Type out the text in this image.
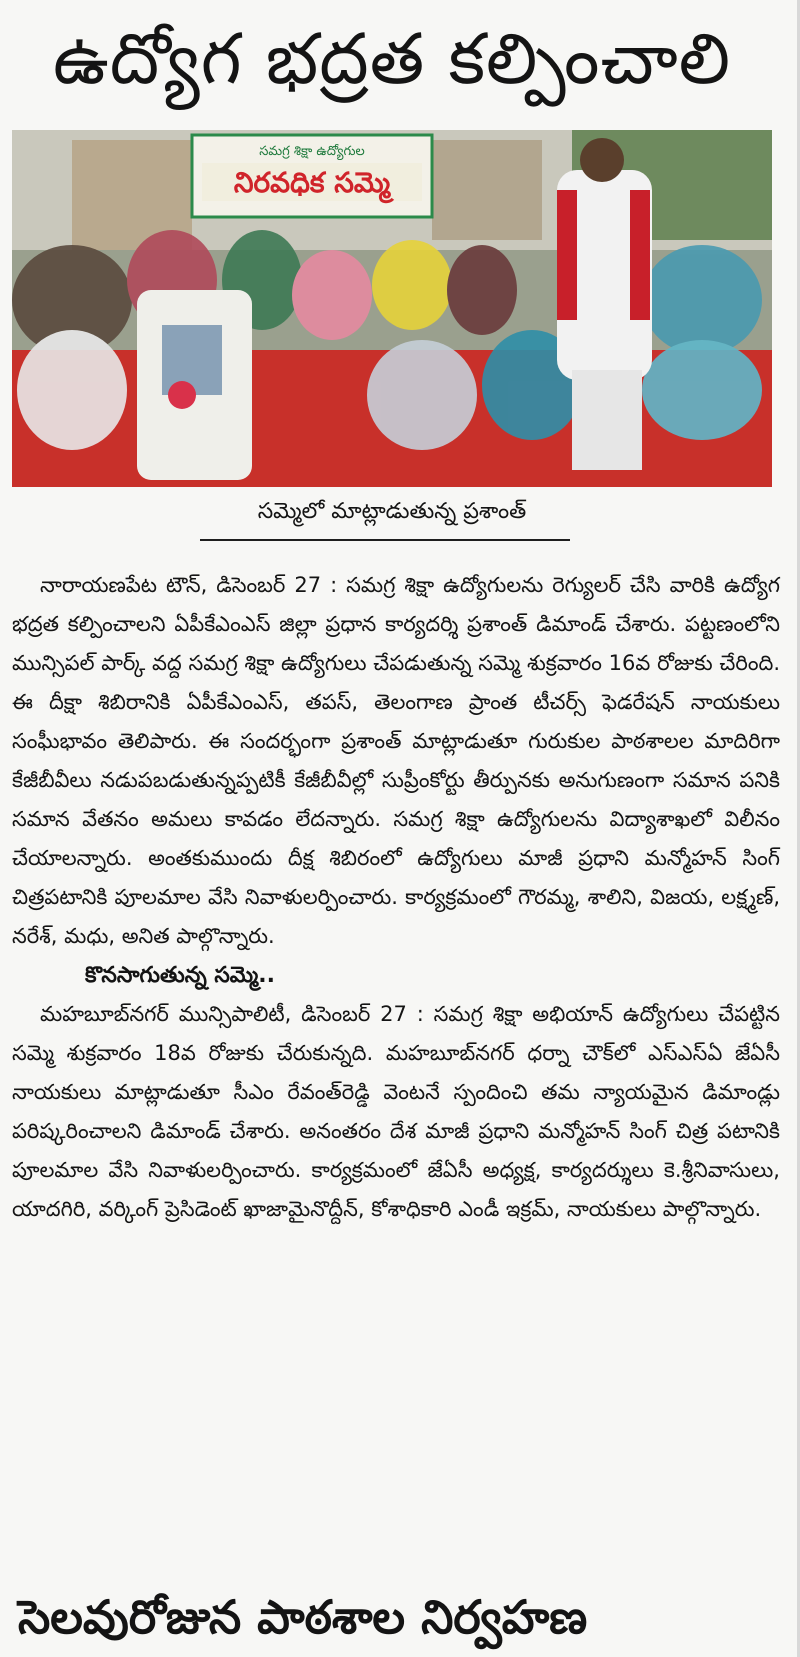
ఉద్యోగ భద్రత కల్పించాలి
సమగ్ర శిక్షా ఉద్యోగుల
నిరవధిక సమ్మె
సమ్మెలో మాట్లాడుతున్న ప్రశాంత్

నారాయణపేట టౌన్, డిసెంబర్ 27 : సమగ్ర శిక్షా ఉద్యోగులను రెగ్యులర్ చేసి వారికి ఉద్యోగ భద్రత కల్పించాలని ఏపీకేఎంఎస్ జిల్లా ప్రధాన కార్యదర్శి ప్రశాంత్ డిమాండ్ చేశారు. పట్టణంలోని మున్సిపల్ పార్క్ వద్ద సమగ్ర శిక్షా ఉద్యోగులు చేపడుతున్న సమ్మె శుక్రవారం 16వ రోజుకు చేరింది. ఈ దీక్షా శిబిరానికి ఏపీకేఎంఎస్, తపస్, తెలంగాణ ప్రాంత టీచర్స్ ఫెడరేషన్ నాయకులు సంఘీభావం తెలిపారు. ఈ సందర్భంగా ప్రశాంత్ మాట్లాడుతూ గురుకుల పాఠశాలల మాదిరిగా కేజీబీవీలు నడుపబడుతున్నప్పటికీ కేజీబీవీల్లో సుప్రీంకోర్టు తీర్పునకు అనుగుణంగా సమాన పనికి సమాన వేతనం అమలు కావడం లేదన్నారు. సమగ్ర శిక్షా ఉద్యోగులను విద్యాశాఖలో విలీనం చేయాలన్నారు. అంతకుముందు దీక్ష శిబిరంలో ఉద్యోగులు మాజీ ప్రధాని మన్మోహన్ సింగ్ చిత్రపటానికి పూలమాల వేసి నివాళులర్పించారు. కార్యక్రమంలో గౌరమ్మ, శాలిని, విజయ, లక్ష్మణ్, నరేశ్, మధు, అనిత పాల్గొన్నారు.

కొనసాగుతున్న సమ్మె..

మహబూబ్‌నగర్ మున్సిపాలిటీ, డిసెంబర్ 27 : సమగ్ర శిక్షా అభియాన్ ఉద్యోగులు చేపట్టిన సమ్మె శుక్రవారం 18వ రోజుకు చేరుకున్నది. మహబూబ్‌నగర్ ధర్నా చౌక్‌లో ఎస్ఎస్ఏ జేఏసీ నాయకులు మాట్లాడుతూ సీఎం రేవంత్‌రెడ్డి వెంటనే స్పందించి తమ న్యాయమైన డిమాండ్లు పరిష్కరించాలని డిమాండ్ చేశారు. అనంతరం దేశ మాజీ ప్రధాని మన్మోహన్ సింగ్ చిత్ర పటానికి పూలమాల వేసి నివాళులర్పించారు. కార్యక్రమంలో జేఏసీ అధ్యక్ష, కార్యదర్శులు కె.శ్రీనివాసులు, యాదగిరి, వర్కింగ్ ప్రెసిడెంట్ ఖాజామైనొద్దీన్, కోశాధికారి ఎండీ ఇక్రమ్, నాయకులు పాల్గొన్నారు.

సెలవురోజున పాఠశాల నిర్వహణ
